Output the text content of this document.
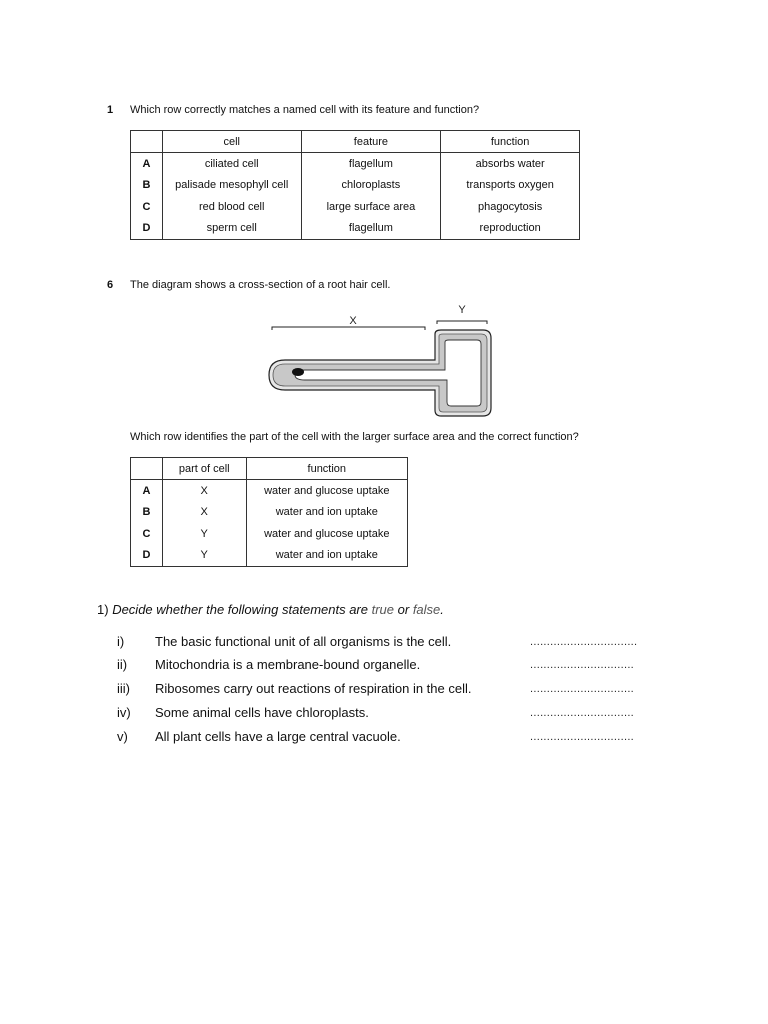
1 Which row correctly matches a named cell with its feature and function?
	cell	feature	function
A	ciliated cell	flagellum	absorbs water
B	palisade mesophyll cell	chloroplasts	transports oxygen
C	red blood cell	large surface area	phagocytosis
D	sperm cell	flagellum	reproduction
6 The diagram shows a cross-section of a root hair cell.
X
Y
Which row identifies the part of the cell with the larger surface area and the correct function?
	part of cell	function
A	X	water and glucose uptake
B	X	water and ion uptake
C	Y	water and glucose uptake
D	Y	water and ion uptake
1) Decide whether the following statements are true or false.
i) The basic functional unit of all organisms is the cell.	................................
ii) Mitochondria is a membrane-bound organelle.	...............................
iii) Ribosomes carry out reactions of respiration in the cell.	...............................
iv) Some animal cells have chloroplasts.	...............................
v) All plant cells have a large central vacuole.	...............................
